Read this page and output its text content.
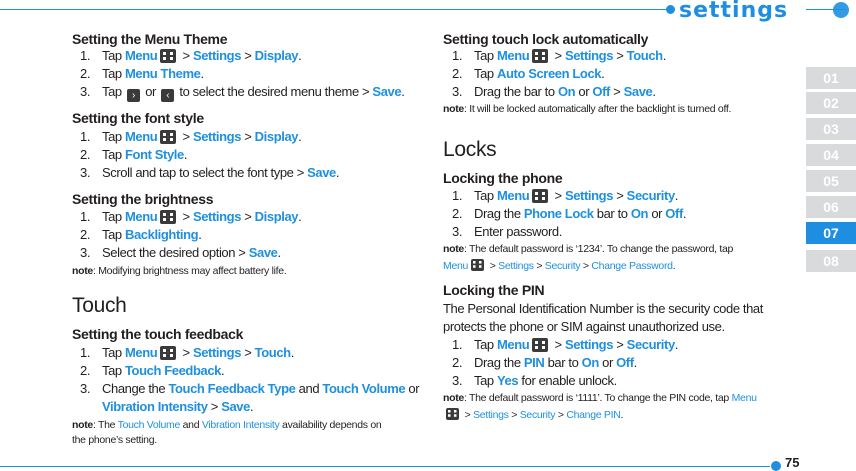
settings
01
02
03
04
05
06
07
08
Setting the Menu Theme
1. Tap Menu > Settings > Display.
2. Tap Menu Theme.
3. Tap › or ‹ to select the desired menu theme > Save.
Setting the font style
1. Tap Menu > Settings > Display.
2. Tap Font Style.
3. Scroll and tap to select the font type > Save.
Setting the brightness
1. Tap Menu > Settings > Display.
2. Tap Backlighting.
3. Select the desired option > Save.
note: Modifying brightness may affect battery life.
Touch
Setting the touch feedback
1. Tap Menu > Settings > Touch.
2. Tap Touch Feedback.
3. Change the Touch Feedback Type and Touch Volume or
Vibration Intensity > Save.
note: The Touch Volume and Vibration Intensity availability depends on
the phone’s setting.
Setting touch lock automatically
1. Tap Menu > Settings > Touch.
2. Tap Auto Screen Lock.
3. Drag the bar to On or Off > Save.
note: It will be locked automatically after the backlight is turned off.
Locks
Locking the phone
1. Tap Menu > Settings > Security.
2. Drag the Phone Lock bar to On or Off.
3. Enter password.
note: The default password is ‘1234’. To change the password, tap
Menu > Settings > Security > Change Password.
Locking the PIN
The Personal Identification Number is the security code that
protects the phone or SIM against unauthorized use.
1. Tap Menu > Settings > Security.
2. Drag the PIN bar to On or Off.
3. Tap Yes for enable unlock.
note: The default password is ‘1111’. To change the PIN code, tap Menu
> Settings > Security > Change PIN.
75
